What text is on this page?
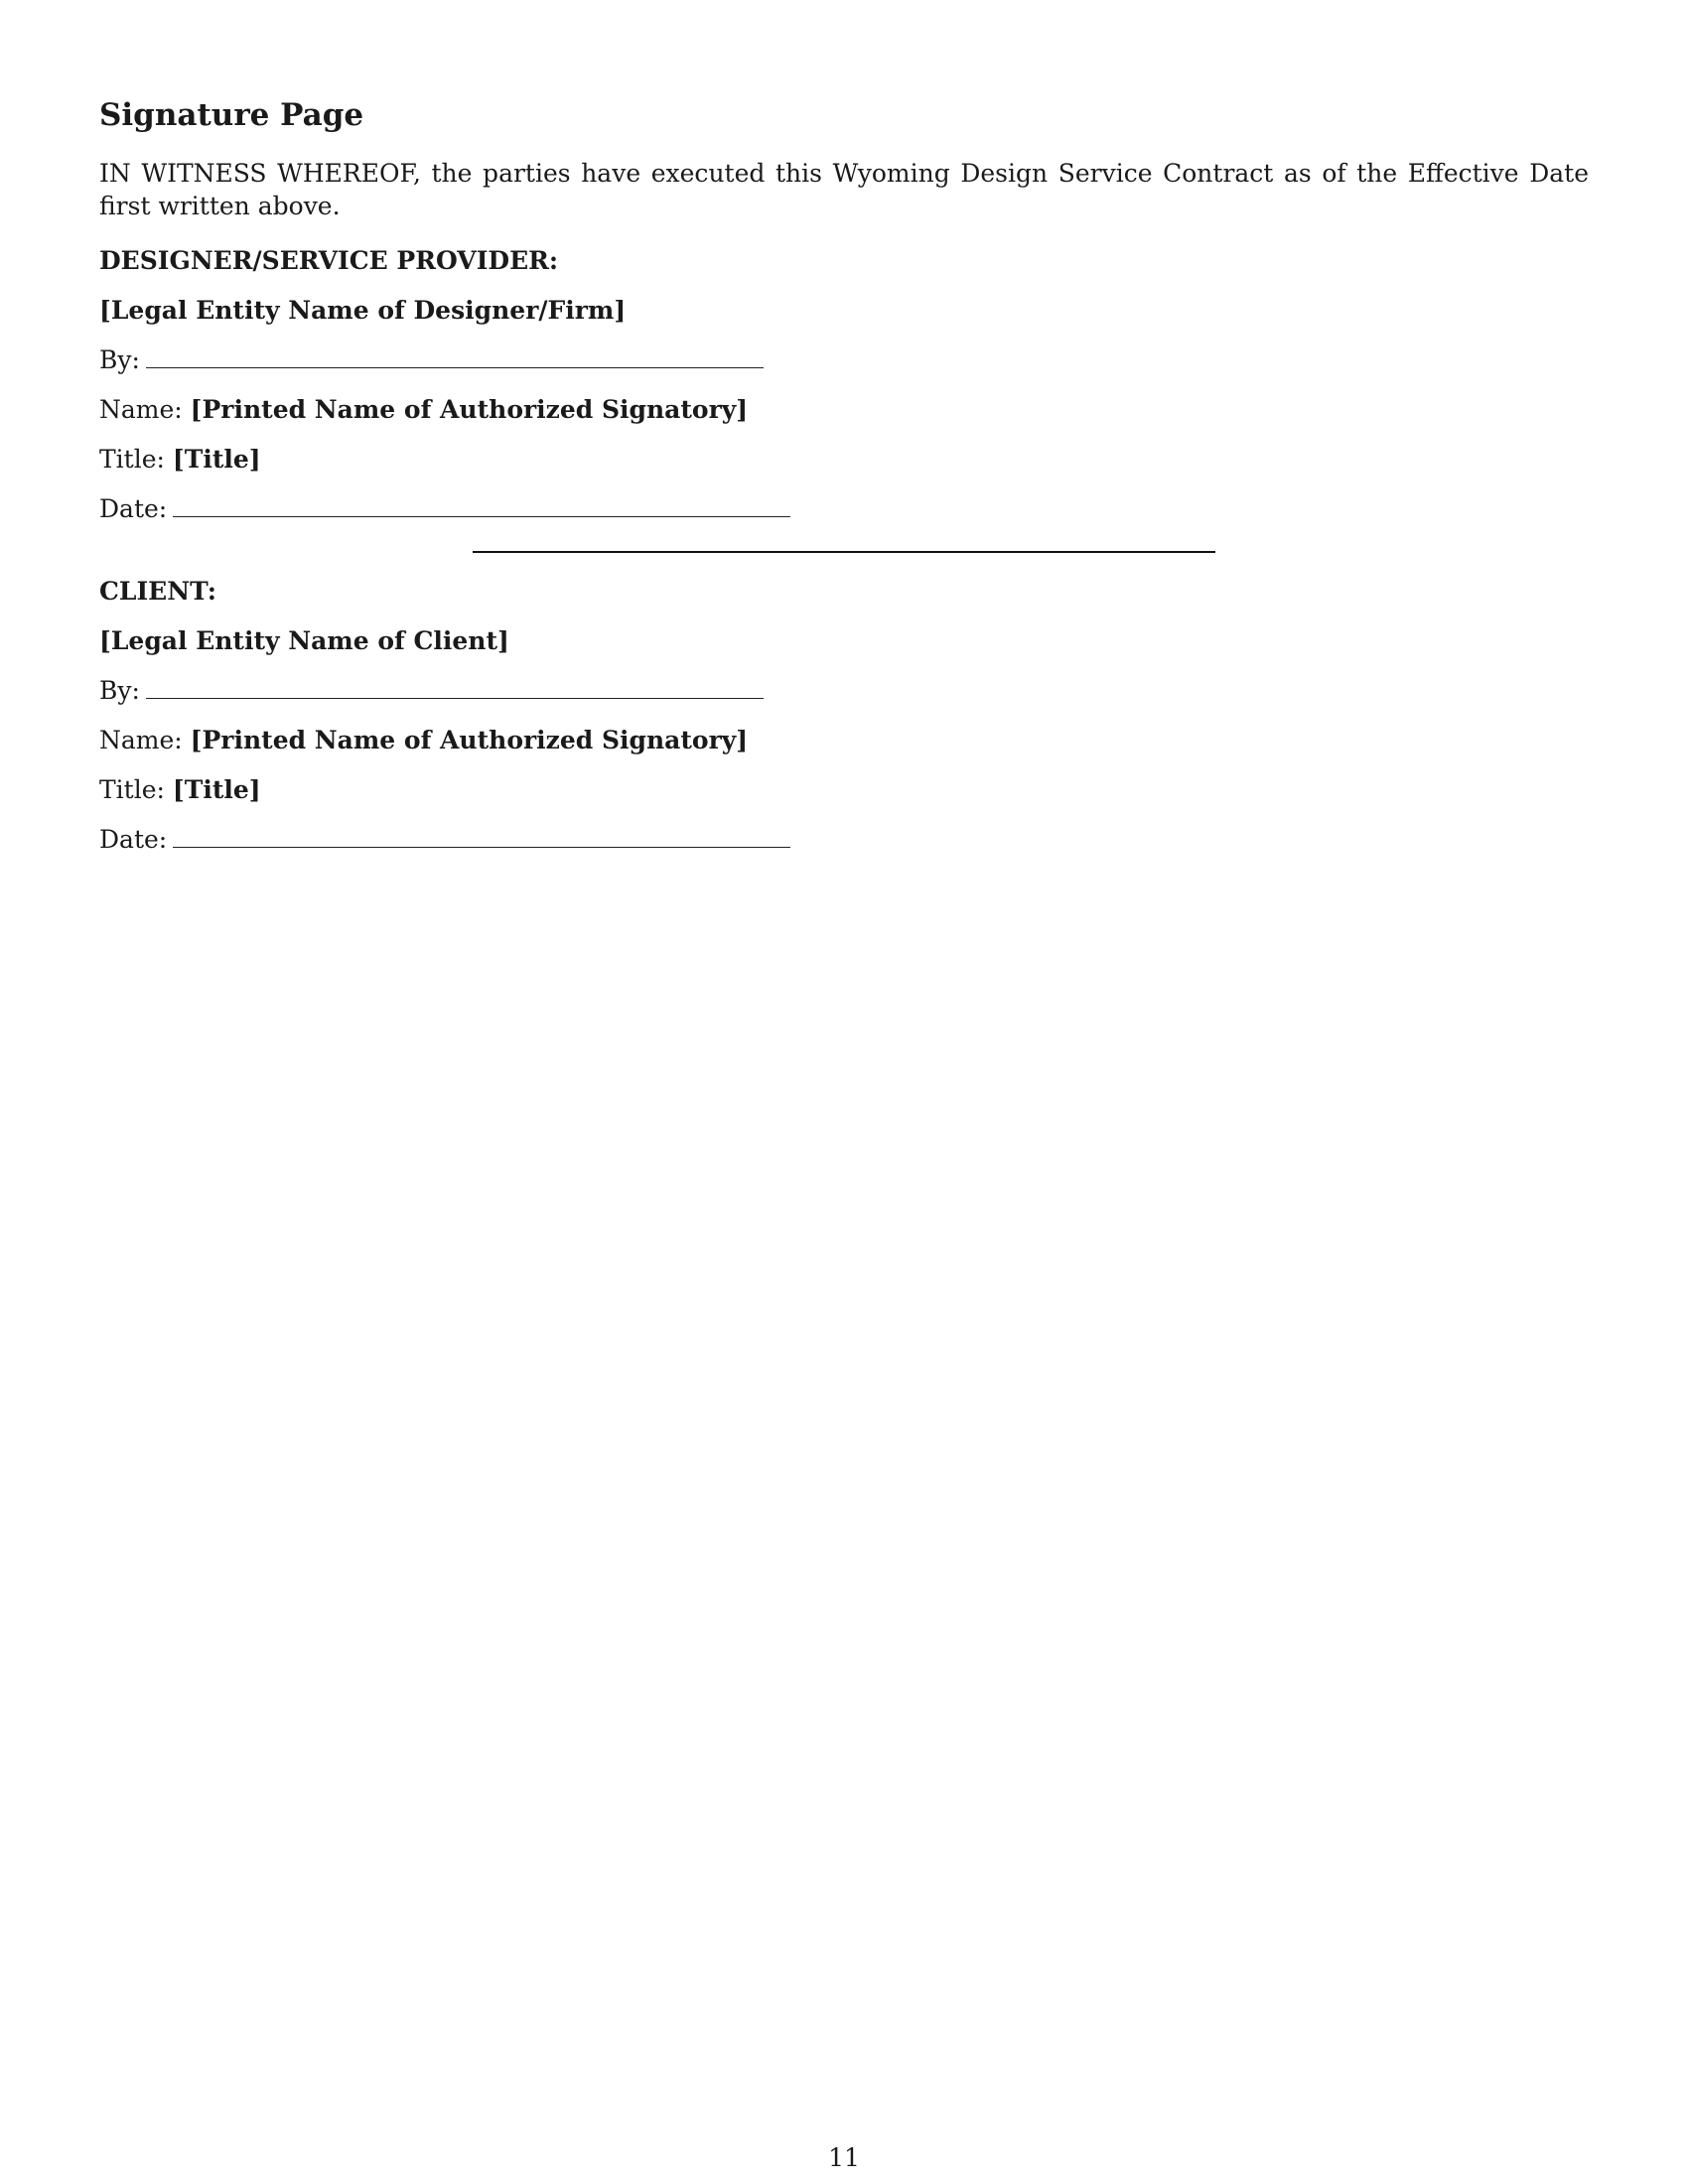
Signature Page
IN WITNESS WHEREOF, the parties have executed this Wyoming Design Service Contract as of the Effective Date first written above.
DESIGNER/SERVICE PROVIDER:
[Legal Entity Name of Designer/Firm]
By:
Name: [Printed Name of Authorized Signatory]
Title: [Title]
Date:
CLIENT:
[Legal Entity Name of Client]
By:
Name: [Printed Name of Authorized Signatory]
Title: [Title]
Date:
11
